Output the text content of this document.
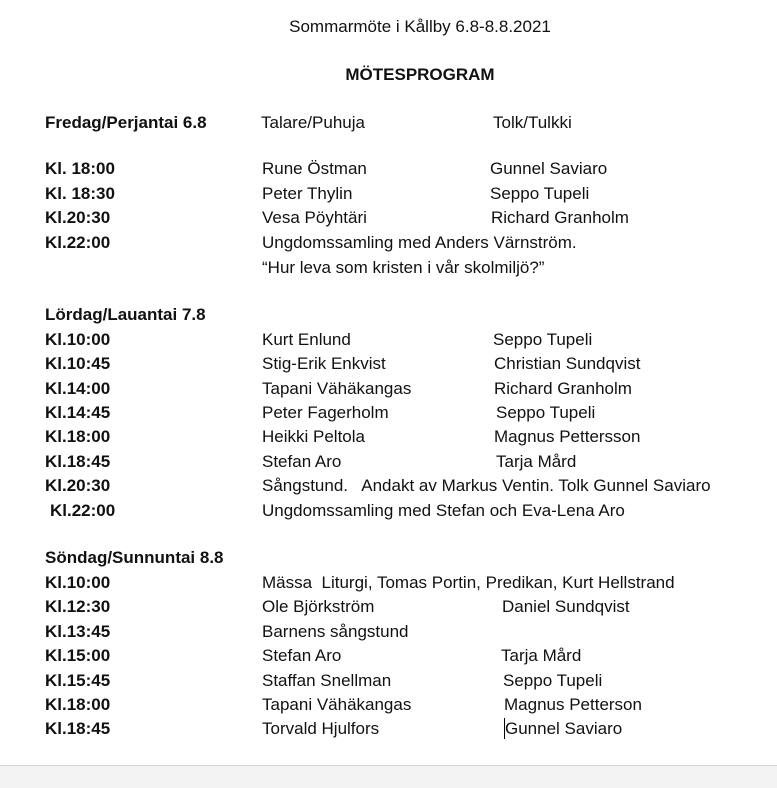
Sommarmöte i Kållby 6.8-8.8.2021
MÖTESPROGRAM
Fredag/Perjantai 6.8	Talare/Puhuja	Tolk/Tulkki
Kl. 18:00	Rune Östman	Gunnel Saviaro
Kl. 18:30	Peter Thylin	Seppo Tupeli
Kl.20:30	Vesa Pöyhtäri	Richard Granholm
Kl.22:00	Ungdomssamling med Anders Värnström.
“Hur leva som kristen i vår skolmiljö?”
Lördag/Lauantai 7.8
Kl.10:00	Kurt Enlund	Seppo Tupeli
Kl.10:45	Stig-Erik Enkvist	Christian Sundqvist
Kl.14:00	Tapani Vähäkangas	Richard Granholm
Kl.14:45	Peter Fagerholm	Seppo Tupeli
Kl.18:00	Heikki Peltola	Magnus Pettersson
Kl.18:45	Stefan Aro	Tarja Mård
Kl.20:30	Sångstund.   Andakt av Markus Ventin. Tolk Gunnel Saviaro
Kl.22:00	Ungdomssamling med Stefan och Eva-Lena Aro
Söndag/Sunnuntai 8.8
Kl.10:00	Mässa  Liturgi, Tomas Portin, Predikan, Kurt Hellstrand
Kl.12:30	Ole Björkström	Daniel Sundqvist
Kl.13:45	Barnens sångstund
Kl.15:00	Stefan Aro	Tarja Mård
Kl.15:45	Staffan Snellman	Seppo Tupeli
Kl.18:00	Tapani Vähäkangas	Magnus Petterson
Kl.18:45	Torvald Hjulfors	Gunnel Saviaro
